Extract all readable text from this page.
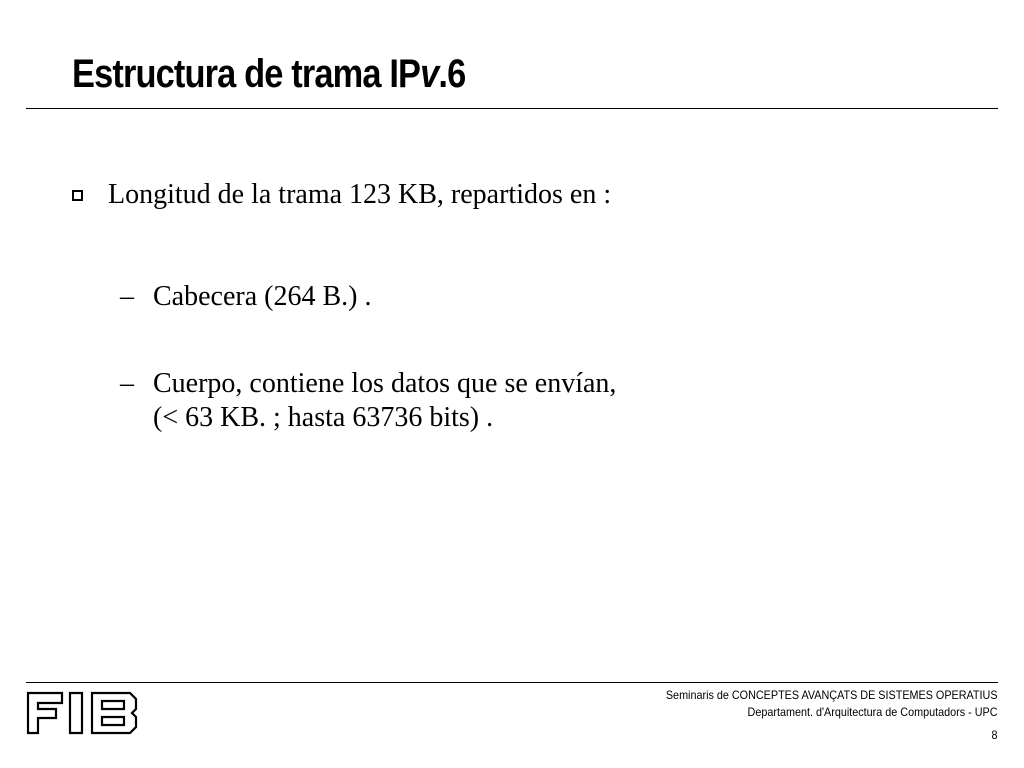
Estructura de trama IPv.6
Longitud de la trama 123 KB, repartidos en :
– Cabecera (264 B.) .
– Cuerpo, contiene los datos que se envían,
(< 63 KB. ; hasta 63736 bits) .
Seminaris de CONCEPTES AVANÇATS DE SISTEMES OPERATIUS
Departament. d'Arquitectura de Computadors - UPC
8
